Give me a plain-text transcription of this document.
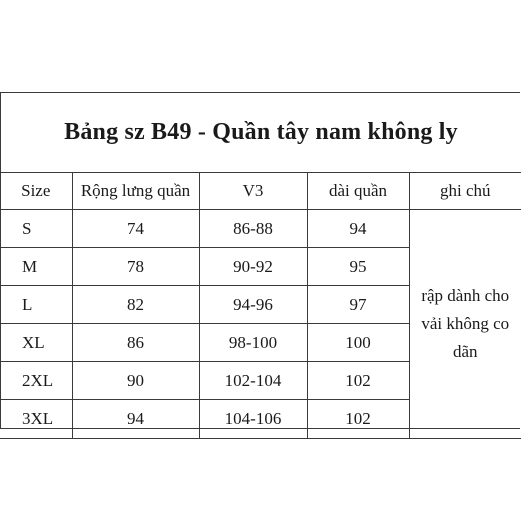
Bảng sz B49 - Quần tây nam không ly
Size	Rộng lưng quần	V3	dài quần	ghi chú
S	74	86-88	94	rập dành cho vải không co dãn
M	78	90-92	95	
L	82	94-96	97	
XL	86	98-100	100	
2XL	90	102-104	102	
3XL	94	104-106	102	
